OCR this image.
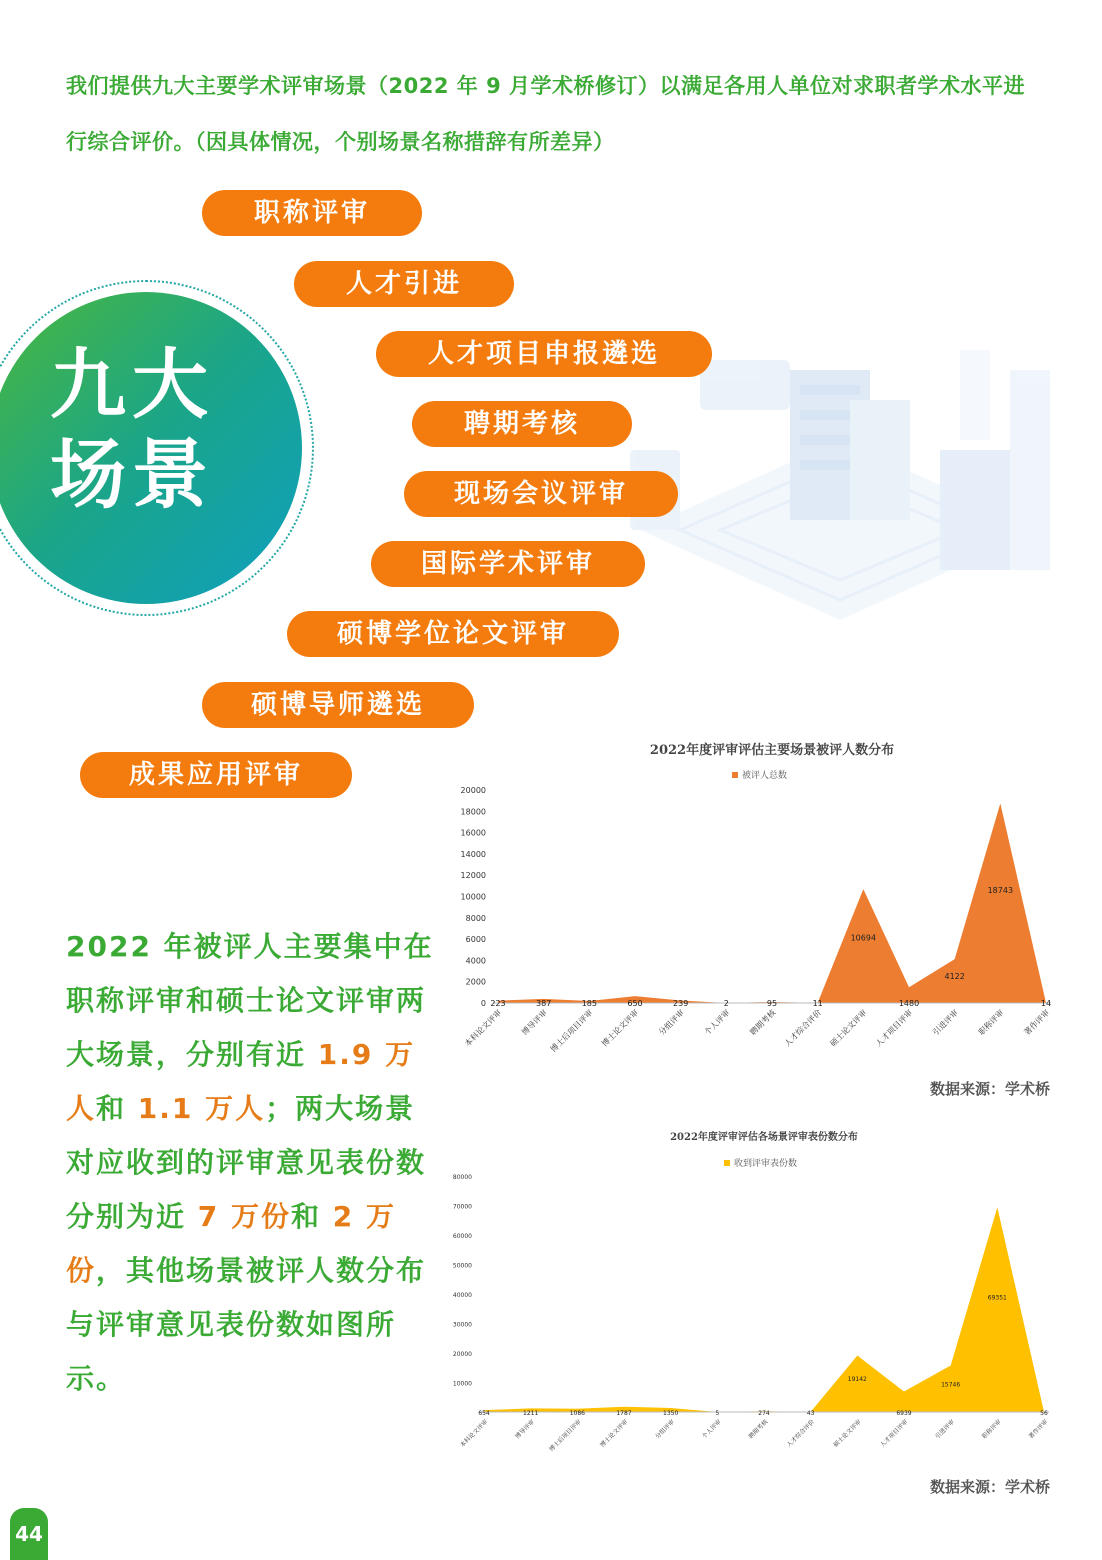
我们提供九大主要学术评审场景（2022 年 9 月学术桥修订）以满足各用人单位对求职者学术水平进
行综合评价。（因具体情况，个别场景名称措辞有所差异）
九大
场景
职称评审
人才引进
人才项目申报遴选
聘期考核
现场会议评审
国际学术评审
硕博学位论文评审
硕博导师遴选
成果应用评审
2022 年被评人主要集中在职称评审和硕士论文评审两大场景，分别有近 1.9 万人和 1.1 万人；两大场景对应收到的评审意见表份数分别为近 7 万份和 2 万份，其他场景被评人数分布与评审意见表份数如图所示。
2022年度评审评估主要场景被评人数分布
被评人总数
0
2000
4000
6000
8000
10000
12000
14000
16000
18000
20000
223	387	185	650	239	2	95	11
10694
1480
4122
18743
14
本科论文评审 博导评审 博士后项目评审 博士论文评审 分组评审 个人评审 聘期考核 人才综合评价 硕士论文评审 人才项目评审 引进评审 职称评审 著作评审
数据来源：学术桥
2022年度评审评估各场景评审表份数分布
收到评审表份数
10000
20000
30000
40000
50000
60000
70000
80000
654	1211	1086	1787	1350	5	274	43
19142
6939
15746
69351
56
本科论文评审	博导评审 博士后项目评审	博士论文评审	分组评审	个人评审	聘期考核	人才综合评价	硕士论文评审	人才项目评审	引进评审	职称评审	著作评审
数据来源：学术桥
44
